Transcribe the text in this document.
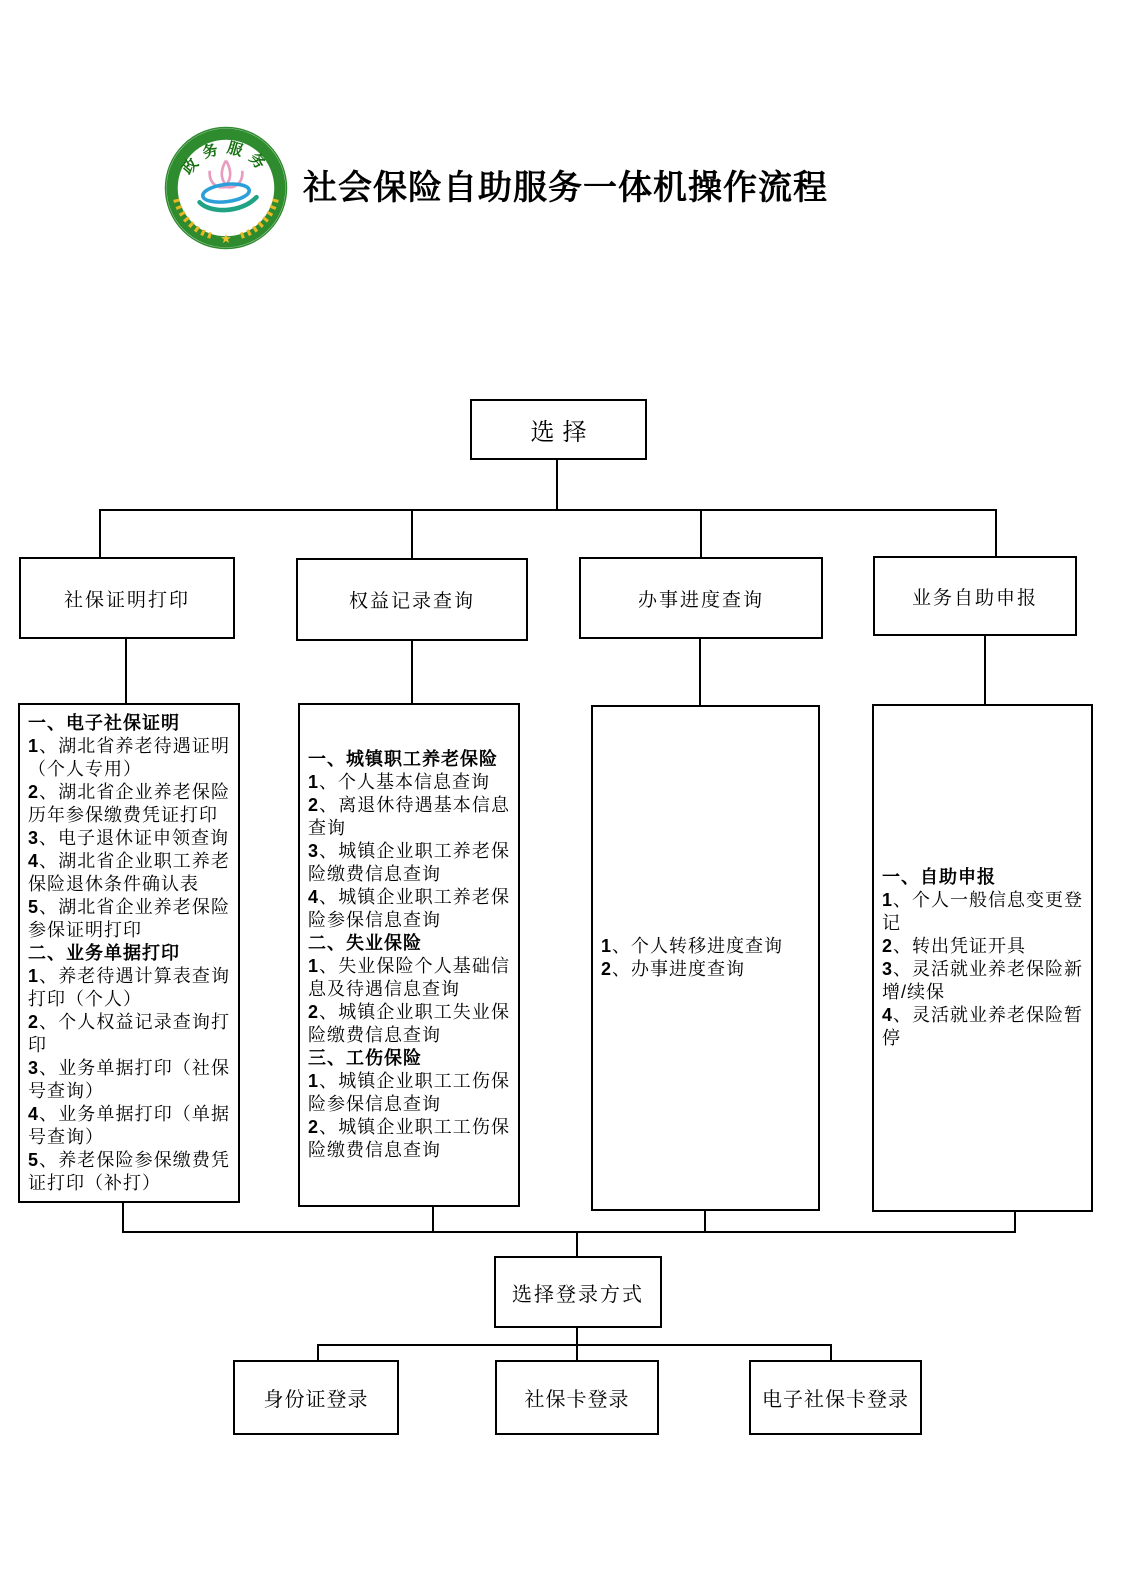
政务服务
★
社会保险自助服务一体机操作流程
选择
社保证明打印	权益记录查询	办事进度查询	业务自助申报
一、电子社保证明
1、湖北省养老待遇证明（个人专用）
2、湖北省企业养老保险历年参保缴费凭证打印
3、电子退休证申领查询
4、湖北省企业职工养老保险退休条件确认表
5、湖北省企业养老保险参保证明打印
二、业务单据打印
1、养老待遇计算表查询打印（个人）
2、个人权益记录查询打印
3、业务单据打印（社保号查询）
4、业务单据打印（单据号查询）
5、养老保险参保缴费凭证打印（补打）
一、城镇职工养老保险
1、个人基本信息查询
2、离退休待遇基本信息查询
3、城镇企业职工养老保险缴费信息查询
4、城镇企业职工养老保险参保信息查询
二、失业保险
1、失业保险个人基础信息及待遇信息查询
2、城镇企业职工失业保险缴费信息查询
三、工伤保险
1、城镇企业职工工伤保险参保信息查询
2、城镇企业职工工伤保险缴费信息查询
1、个人转移进度查询
2、办事进度查询
一、自助申报
1、个人一般信息变更登记
2、转出凭证开具
3、灵活就业养老保险新增/续保
4、灵活就业养老保险暂停
选择登录方式
身份证登录	社保卡登录	电子社保卡登录
